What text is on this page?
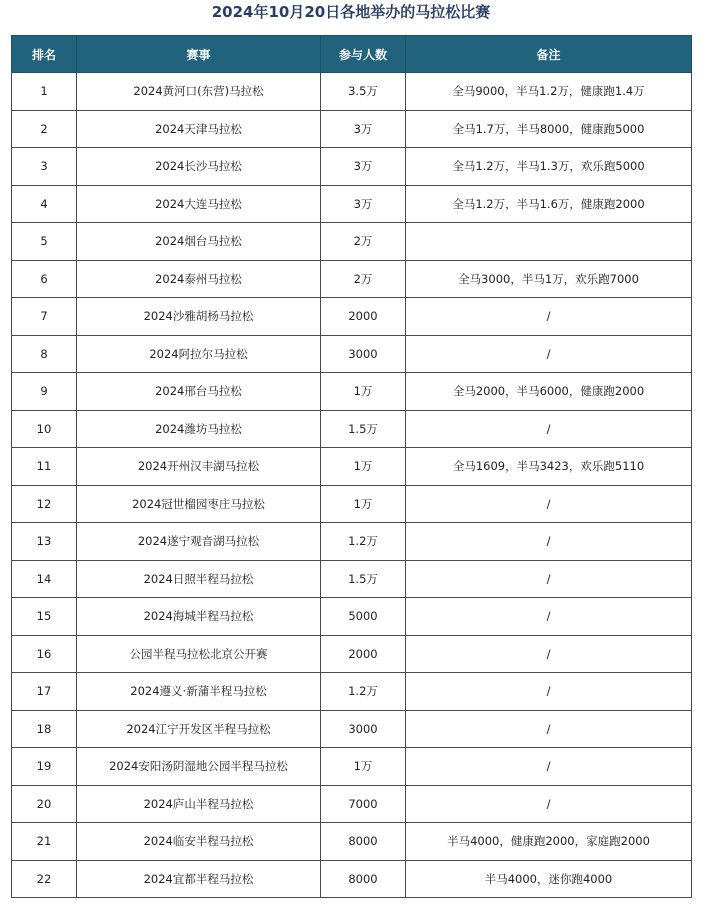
2024年10月20日各地举办的马拉松比赛
排名	赛事	参与人数	备注
1	2024黄河口(东营)马拉松	3.5万	全马9000，半马1.2万，健康跑1.4万
2	2024天津马拉松	3万	全马1.7万，半马8000，健康跑5000
3	2024长沙马拉松	3万	全马1.2万，半马1.3万，欢乐跑5000
4	2024大连马拉松	3万	全马1.2万，半马1.6万，健康跑2000
5	2024烟台马拉松	2万	
6	2024泰州马拉松	2万	全马3000，半马1万，欢乐跑7000
7	2024沙雅胡杨马拉松	2000	/
8	2024阿拉尔马拉松	3000	/
9	2024邢台马拉松	1万	全马2000，半马6000，健康跑2000
10	2024潍坊马拉松	1.5万	/
11	2024开州汉丰湖马拉松	1万	全马1609，半马3423，欢乐跑5110
12	2024冠世榴园枣庄马拉松	1万	/
13	2024遂宁观音湖马拉松	1.2万	/
14	2024日照半程马拉松	1.5万	/
15	2024海城半程马拉松	5000	/
16	公园半程马拉松北京公开赛	2000	/
17	2024遵义·新蒲半程马拉松	1.2万	/
18	2024江宁开发区半程马拉松	3000	/
19	2024安阳汤阴湿地公园半程马拉松	1万	/
20	2024庐山半程马拉松	7000	/
21	2024临安半程马拉松	8000	半马4000，健康跑2000，家庭跑2000
22	2024宜都半程马拉松	8000	半马4000，迷你跑4000
